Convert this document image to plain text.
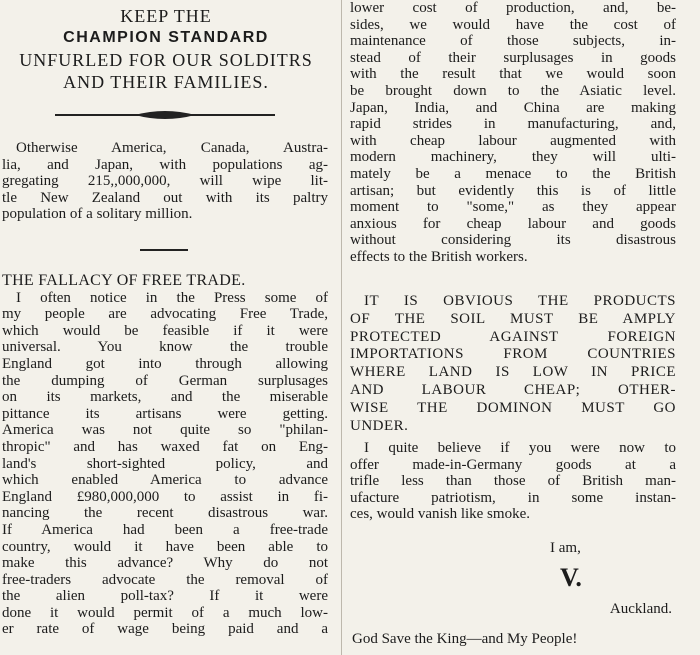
KEEP THE
CHAMPION STANDARD
UNFURLED FOR OUR SOLDITRS
AND THEIR FAMILIES.
Otherwise America, Canada, Austra-
lia, and Japan, with populations ag-
gregating 215,,000,000, will wipe lit-
tle New Zealand out with its paltry
population of a solitary million.
THE FALLACY OF FREE TRADE.
I often notice in the Press some of
my people are advocating Free Trade,
which would be feasible if it were
universal. You know the trouble
England got into through allowing
the dumping of German surplusages
on its markets, and the miserable
pittance its artisans were getting.
America was not quite so "philan-
thropic" and has waxed fat on Eng-
land's short-sighted policy, and
which enabled America to advance
England £980,000,000 to assist in fi-
nancing the recent disastrous war.
If America had been a free-trade
country, would it have been able to
make this advance? Why do not
free-traders advocate the removal of
the alien poll-tax? If it were
done it would permit of a much low-
er rate of wage being paid and a
lower cost of production, and, be-
sides, we would have the cost of
maintenance of those subjects, in-
stead of their surplusages in goods
with the result that we would soon
be brought down to the Asiatic level.
Japan, India, and China are making
rapid strides in manufacturing, and,
with cheap labour augmented with
modern machinery, they will ulti-
mately be a menace to the British
artisan; but evidently this is of little
moment to "some," as they appear
anxious for cheap labour and goods
without considering its disastrous
effects to the British workers.
IT IS OBVIOUS THE PRODUCTS
OF THE SOIL MUST BE AMPLY
PROTECTED AGAINST FOREIGN
IMPORTATIONS FROM COUNTRIES
WHERE LAND IS LOW IN PRICE
AND LABOUR CHEAP; OTHER-
WISE THE DOMINON MUST GO
UNDER.
I quite believe if you were now to
offer made-in-Germany goods at a
trifle less than those of British man-
ufacture patriotism, in some instan-
ces, would vanish like smoke.
I am,
V.
Auckland.
God Save the King—and My People!
